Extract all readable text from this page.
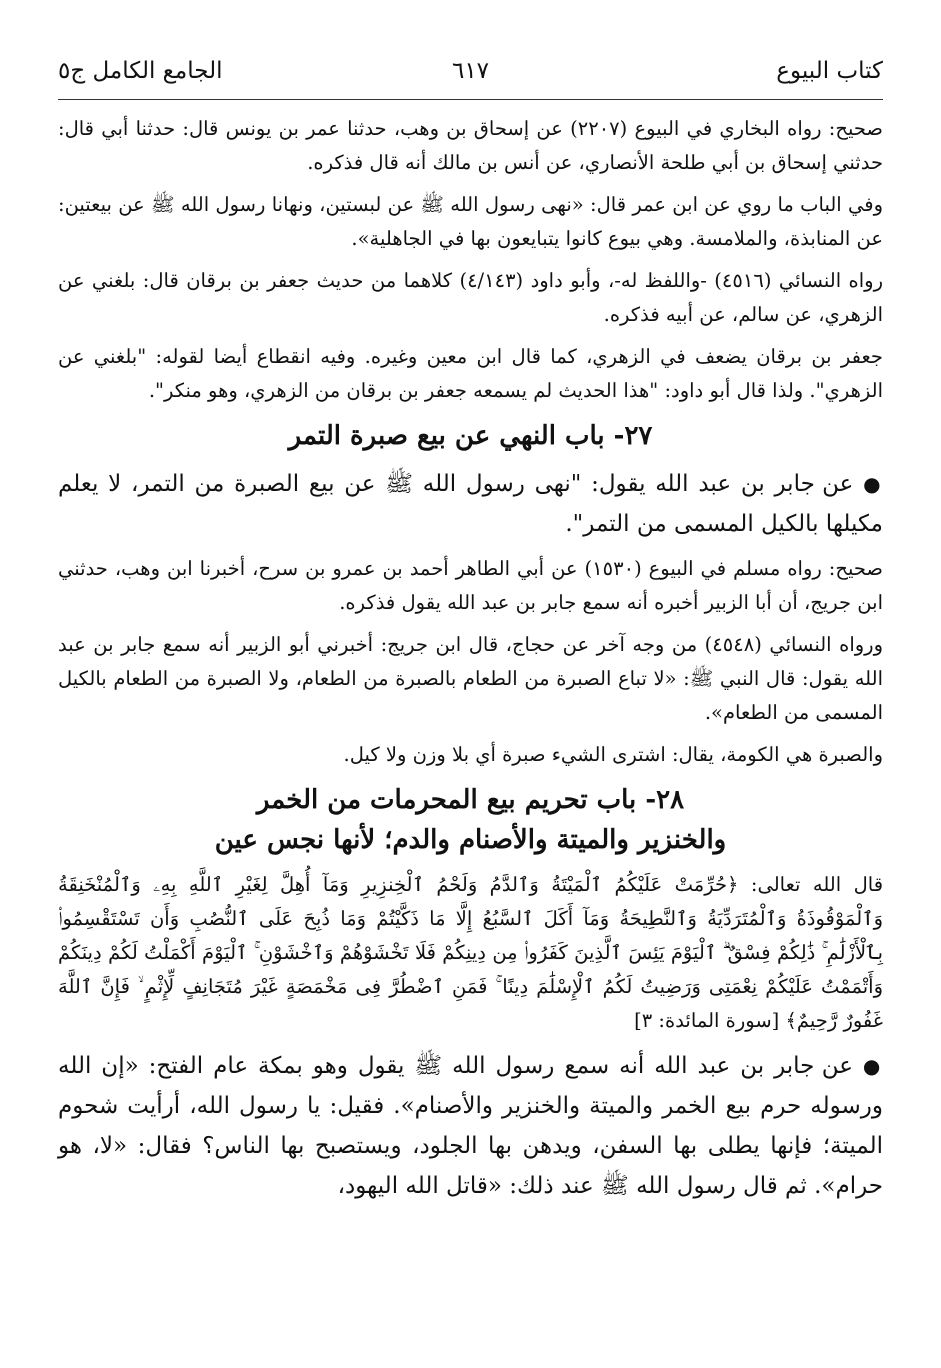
كتاب البيوع
٦١٧
الجامع الكامل ج٥

صحيح: رواه البخاري في البيوع (٢٢٠٧) عن إسحاق بن وهب، حدثنا عمر بن يونس قال: حدثنا أبي قال: حدثني إسحاق بن أبي طلحة الأنصاري، عن أنس بن مالك أنه قال فذكره.

وفي الباب ما روي عن ابن عمر قال: «نهى رسول الله ﷺ عن لبستين، ونهانا رسول الله ﷺ عن بيعتين: عن المنابذة، والملامسة. وهي بيوع كانوا يتبايعون بها في الجاهلية».

رواه النسائي (٤٥١٦) -واللفظ له-، وأبو داود (٤/١٤٣) كلاهما من حديث جعفر بن برقان قال: بلغني عن الزهري، عن سالم، عن أبيه فذكره.

جعفر بن برقان يضعف في الزهري، كما قال ابن معين وغيره. وفيه انقطاع أيضا لقوله: "بلغني عن الزهري". ولذا قال أبو داود: "هذا الحديث لم يسمعه جعفر بن برقان من الزهري، وهو منكر".

٢٧- باب النهي عن بيع صبرة التمر

● عن جابر بن عبد الله يقول: "نهى رسول الله ﷺ عن بيع الصبرة من التمر، لا يعلم مكيلها بالكيل المسمى من التمر".

صحيح: رواه مسلم في البيوع (١٥٣٠) عن أبي الطاهر أحمد بن عمرو بن سرح، أخبرنا ابن وهب، حدثني ابن جريج، أن أبا الزبير أخبره أنه سمع جابر بن عبد الله يقول فذكره.

ورواه النسائي (٤٥٤٨) من وجه آخر عن حجاج، قال ابن جريج: أخبرني أبو الزبير أنه سمع جابر بن عبد الله يقول: قال النبي ﷺ: «لا تباع الصبرة من الطعام بالصبرة من الطعام، ولا الصبرة من الطعام بالكيل المسمى من الطعام».

والصبرة هي الكومة، يقال: اشترى الشيء صبرة أي بلا وزن ولا كيل.

٢٨- باب تحريم بيع المحرمات من الخمر
والخنزير والميتة والأصنام والدم؛ لأنها نجس عين

قال الله تعالى: ﴿حُرِّمَتْ عَلَيْكُمُ ٱلْمَيْتَةُ وَٱلدَّمُ وَلَحْمُ ٱلْخِنزِيرِ وَمَآ أُهِلَّ لِغَيْرِ ٱللَّهِ بِهِۦ وَٱلْمُنْخَنِقَةُ وَٱلْمَوْقُوذَةُ وَٱلْمُتَرَدِّيَةُ وَٱلنَّطِيحَةُ وَمَآ أَكَلَ ٱلسَّبُعُ إِلَّا مَا ذَكَّيْتُمْ وَمَا ذُبِحَ عَلَى ٱلنُّصُبِ وَأَن تَسْتَقْسِمُوا۟ بِٱلْأَزْلَٰمِ ۚ ذَٰلِكُمْ فِسْقٌ ۗ ٱلْيَوْمَ يَئِسَ ٱلَّذِينَ كَفَرُوا۟ مِن دِينِكُمْ فَلَا تَخْشَوْهُمْ وَٱخْشَوْنِ ۚ ٱلْيَوْمَ أَكْمَلْتُ لَكُمْ دِينَكُمْ وَأَتْمَمْتُ عَلَيْكُمْ نِعْمَتِى وَرَضِيتُ لَكُمُ ٱلْإِسْلَٰمَ دِينًا ۚ فَمَنِ ٱضْطُرَّ فِى مَخْمَصَةٍ غَيْرَ مُتَجَانِفٍ لِّإِثْمٍ ۙ فَإِنَّ ٱللَّهَ غَفُورٌ رَّحِيمٌ﴾ [سورة المائدة: ٣]

● عن جابر بن عبد الله أنه سمع رسول الله ﷺ يقول وهو بمكة عام الفتح: «إن الله ورسوله حرم بيع الخمر والميتة والخنزير والأصنام». فقيل: يا رسول الله، أرأيت شحوم الميتة؛ فإنها يطلى بها السفن، ويدهن بها الجلود، ويستصبح بها الناس؟ فقال: «لا، هو حرام». ثم قال رسول الله ﷺ عند ذلك: «قاتل الله اليهود،
